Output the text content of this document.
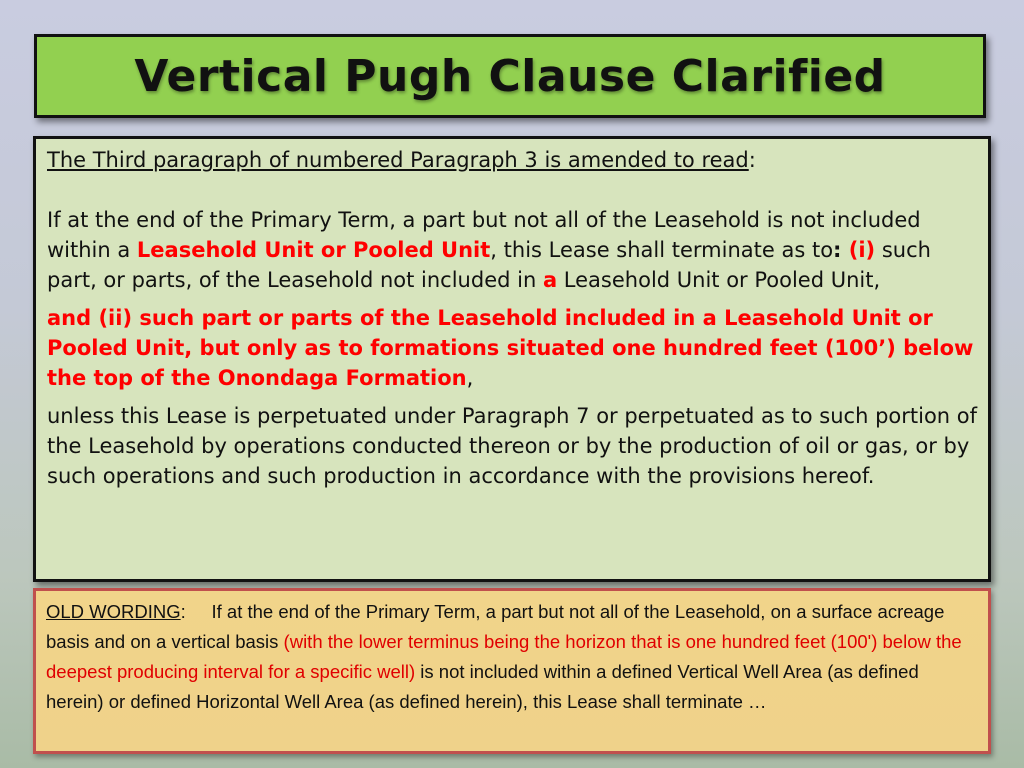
Vertical Pugh Clause Clarified

The Third paragraph of numbered Paragraph 3 is amended to read:

If at the end of the Primary Term, a part but not all of the Leasehold is not included within a Leasehold Unit or Pooled Unit, this Lease shall terminate as to: (i) such part, or parts, of the Leasehold not included in a Leasehold Unit or Pooled Unit,

and (ii) such part or parts of the Leasehold included in a Leasehold Unit or Pooled Unit, but only as to formations situated one hundred feet (100’) below the top of the Onondaga Formation,

unless this Lease is perpetuated under Paragraph 7 or perpetuated as to such portion of the Leasehold by operations conducted thereon or by the production of oil or gas, or by such operations and such production in accordance with the provisions hereof.

OLD WORDING:     If at the end of the Primary Term, a part but not all of the Leasehold, on a surface acreage basis and on a vertical basis (with the lower terminus being the horizon that is one hundred feet (100') below the deepest producing interval for a specific well) is not included within a defined Vertical Well Area (as defined herein) or defined Horizontal Well Area (as defined herein), this Lease shall terminate …
